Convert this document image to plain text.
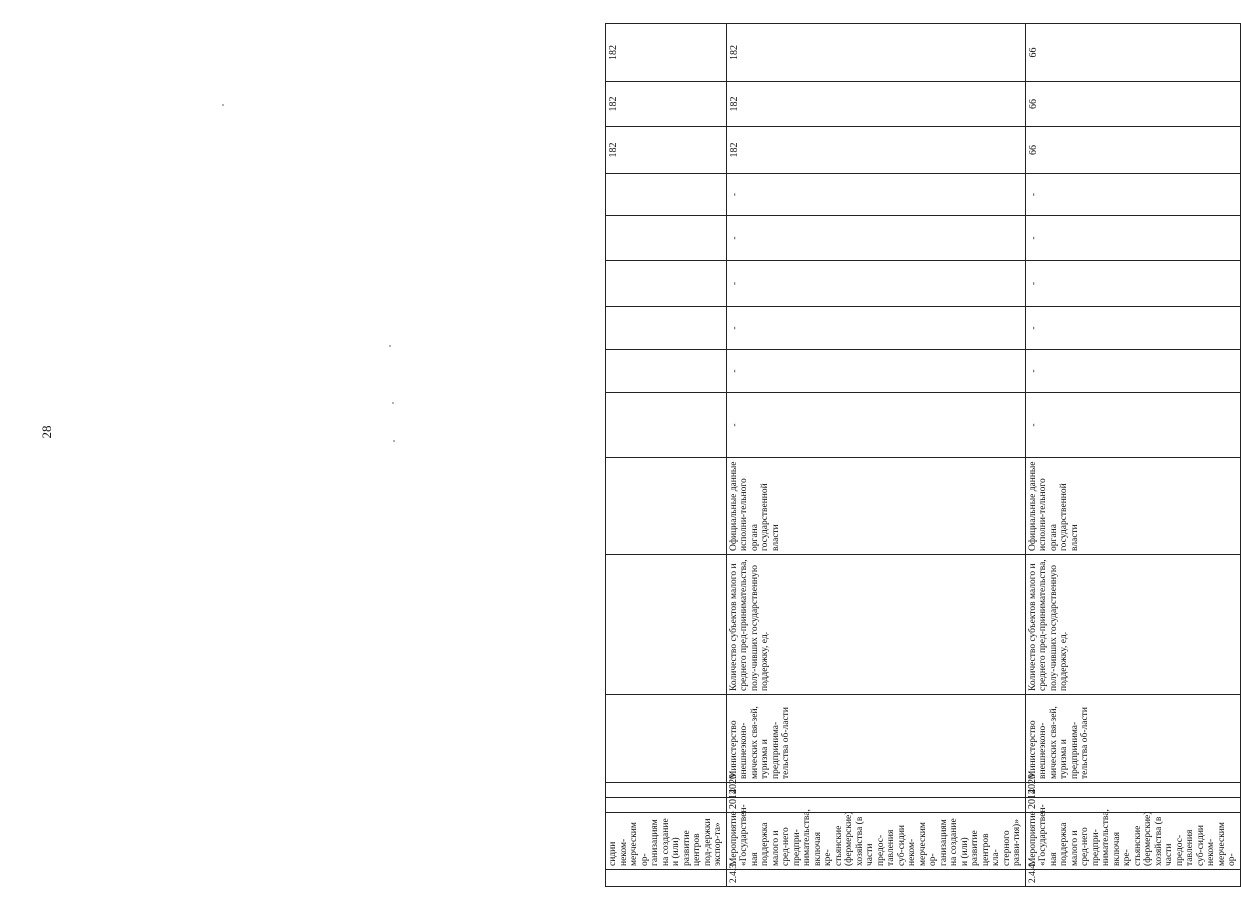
28
	сидии неком-мерческим ор-ганизациям на создание и (или) развитие центров под-держки экспор-та»												182	182	182
2.4.3.	Мероприятие «Государствен-ная поддержка малого и сред-него предпри-нимательства, включая кре-стьянские (фермерские) хозяйства (в части предос-тавления суб-сидии неком-мерческим ор-ганизациям на создание и (или) развитие центров кла-стерного разви-тия)»	2014	2020	Министерство внешнеэконо-мических свя-зей, туризма и предпринима-тельства об-ласти	Количество субъектов малого и среднего пред-принимательства, полу-чивших государственную поддержку, ед.	Официальные данные исполни-тельного органа государственной власти	-	-	-	-	-	-	182	182	182
2.4.4.	Мероприятие «Государствен-ная поддержка малого и сред-него предпри-нимательства, включая кре-стьянские (фермерские) хозяйства (в части предос-тавления суб-сидии неком-мерческим ор-	2014	2020	Министерство внешнеэконо-мических свя-зей, туризма и предпринима-тельства об-ласти	Количество субъектов малого и среднего пред-принимательства, полу-чивших государственную поддержку, ед.	Официальные данные исполни-тельного органа государственной власти	-	-	-	-	-	-	66	66	66
